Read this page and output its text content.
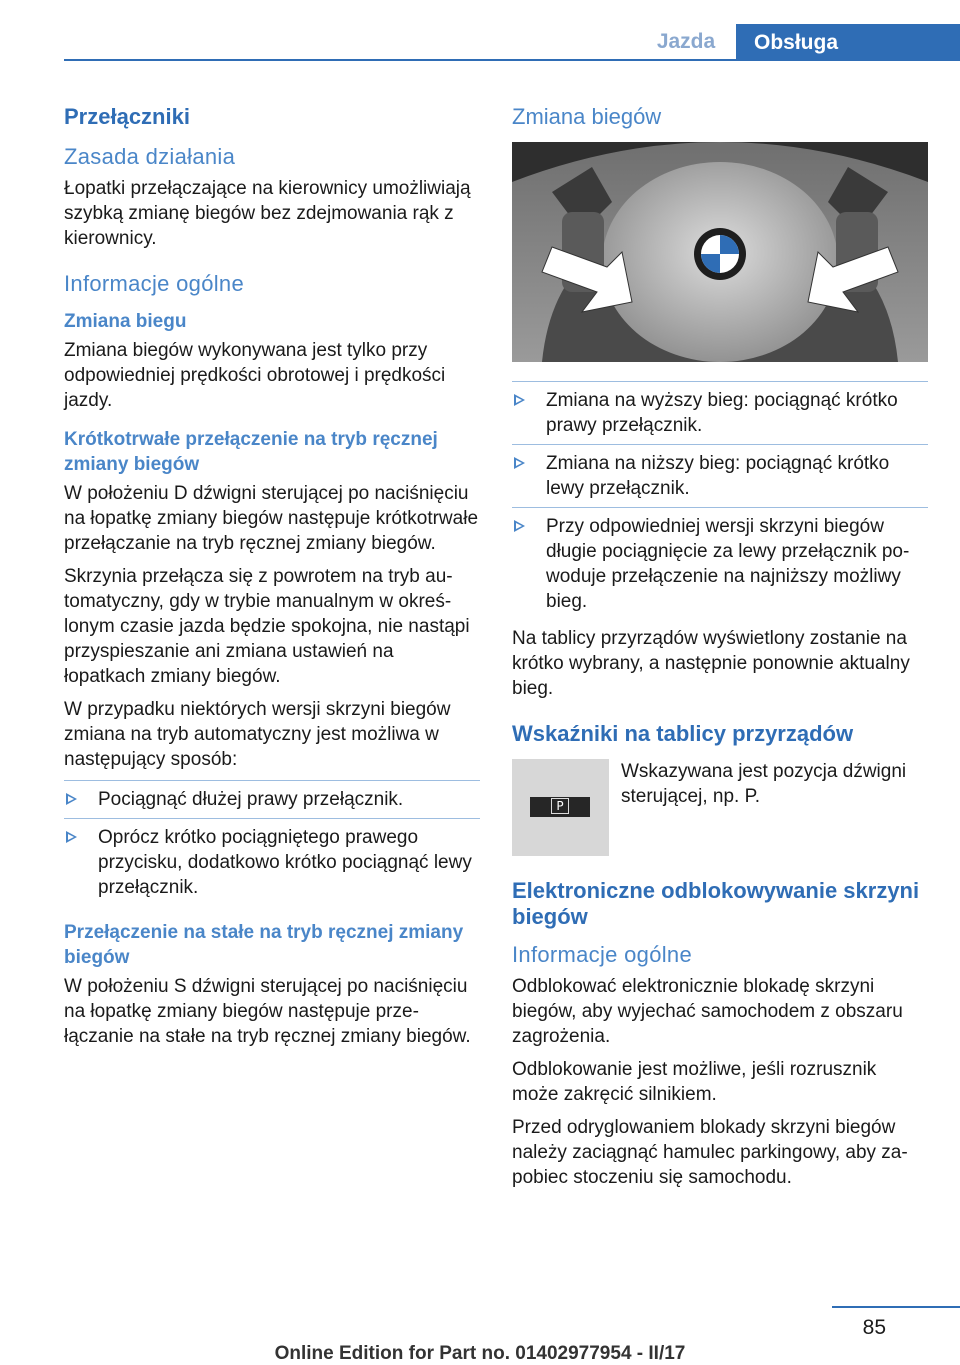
Jazda	Obsługa
Przełączniki
Zasada działania

Łopatki przełączające na kierownicy umożliwiają szybką zmianę biegów bez zdejmowania rąk z kierownicy.

Informacje ogólne
Zmiana biegu

Zmiana biegów wykonywana jest tylko przy odpowiedniej prędkości obrotowej i prędkości jazdy.

Krótkotrwałe przełączenie na tryb ręcznej zmiany biegów

W położeniu D dźwigni sterującej po naciśnięciu na łopatkę zmiany biegów następuje krótkotrwałe przełączanie na tryb ręcznej zmiany biegów.

Skrzynia przełącza się z powrotem na tryb automatyczny, gdy w trybie manualnym w określonym czasie jazda będzie spokojna, nie nastąpi przyspieszanie ani zmiana ustawień na łopatkach zmiany biegów.

W przypadku niektórych wersji skrzyni biegów zmiana na tryb automatyczny jest możliwa w następujący sposób:

Pociągnąć dłużej prawy przełącznik.
Oprócz krótko pociągniętego prawego przycisku, dodatkowo krótko pociągnąć lewy przełącznik.
Przełączenie na stałe na tryb ręcznej zmiany biegów

W położeniu S dźwigni sterującej po naciśnięciu na łopatkę zmiany biegów następuje przełączanie na stałe na tryb ręcznej zmiany biegów.

Zmiana biegów
Zmiana na wyższy bieg: pociągnąć krótko prawy przełącznik.
Zmiana na niższy bieg: pociągnąć krótko lewy przełącznik.
Przy odpowiedniej wersji skrzyni biegów długie pociągnięcie za lewy przełącznik powoduje przełączenie na najniższy możliwy bieg.

Na tablicy przyrządów wyświetlony zostanie na krótko wybrany, a następnie ponownie aktualny bieg.

Wskaźniki na tablicy przyrządów
P

Wskazywana jest pozycja dźwigni sterującej, np. P.

Elektroniczne odblokowywanie skrzyni biegów
Informacje ogólne

Odblokować elektronicznie blokadę skrzyni biegów, aby wyjechać samochodem z obszaru zagrożenia.

Odblokowanie jest możliwe, jeśli rozrusznik może zakręcić silnikiem.

Przed odryglowaniem blokady skrzyni biegów należy zaciągnąć hamulec parkingowy, aby zapobiec stoczeniu się samochodu.

85
Online Edition for Part no. 01402977954 - II/17
